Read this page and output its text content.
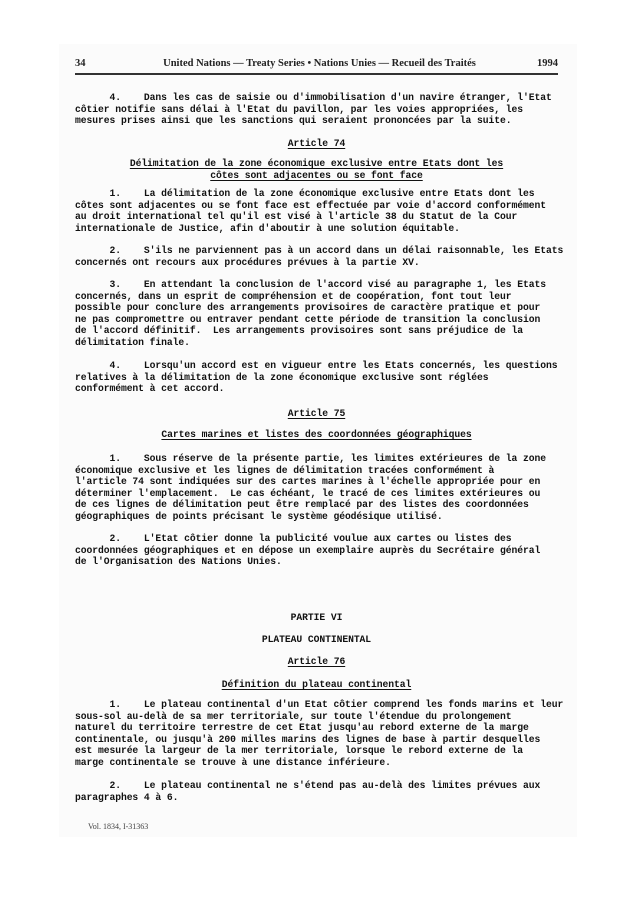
34	United Nations — Treaty Series • Nations Unies — Recueil des Traités	1994
4.    Dans les cas de saisie ou d'immobilisation d'un navire étranger, l'Etat
côtier notifie sans délai à l'Etat du pavillon, par les voies appropriées, les
mesures prises ainsi que les sanctions qui seraient prononcées par la suite.
Article 74
Délimitation de la zone économique exclusive entre Etats dont les
côtes sont adjacentes ou se font face
1.    La délimitation de la zone économique exclusive entre Etats dont les
côtes sont adjacentes ou se font face est effectuée par voie d'accord conformément
au droit international tel qu'il est visé à l'article 38 du Statut de la Cour
internationale de Justice, afin d'aboutir à une solution équitable.
2.    S'ils ne parviennent pas à un accord dans un délai raisonnable, les Etats
concernés ont recours aux procédures prévues à la partie XV.
3.    En attendant la conclusion de l'accord visé au paragraphe 1, les Etats
concernés, dans un esprit de compréhension et de coopération, font tout leur
possible pour conclure des arrangements provisoires de caractère pratique et pour
ne pas compromettre ou entraver pendant cette période de transition la conclusion
de l'accord définitif.  Les arrangements provisoires sont sans préjudice de la
délimitation finale.
4.    Lorsqu'un accord est en vigueur entre les Etats concernés, les questions
relatives à la délimitation de la zone économique exclusive sont réglées
conformément à cet accord.
Article 75
Cartes marines et listes des coordonnées géographiques
1.    Sous réserve de la présente partie, les limites extérieures de la zone
économique exclusive et les lignes de délimitation tracées conformément à
l'article 74 sont indiquées sur des cartes marines à l'échelle appropriée pour en
déterminer l'emplacement.  Le cas échéant, le tracé de ces limites extérieures ou
de ces lignes de délimitation peut être remplacé par des listes des coordonnées
géographiques de points précisant le système géodésique utilisé.
2.    L'Etat côtier donne la publicité voulue aux cartes ou listes des
coordonnées géographiques et en dépose un exemplaire auprès du Secrétaire général
de l'Organisation des Nations Unies.
PARTIE VI
PLATEAU CONTINENTAL
Article 76
Définition du plateau continental
1.    Le plateau continental d'un Etat côtier comprend les fonds marins et leur
sous-sol au-delà de sa mer territoriale, sur toute l'étendue du prolongement
naturel du territoire terrestre de cet Etat jusqu'au rebord externe de la marge
continentale, ou jusqu'à 200 milles marins des lignes de base à partir desquelles
est mesurée la largeur de la mer territoriale, lorsque le rebord externe de la
marge continentale se trouve à une distance inférieure.
2.    Le plateau continental ne s'étend pas au-delà des limites prévues aux
paragraphes 4 à 6.
Vol. 1834, I-31363
